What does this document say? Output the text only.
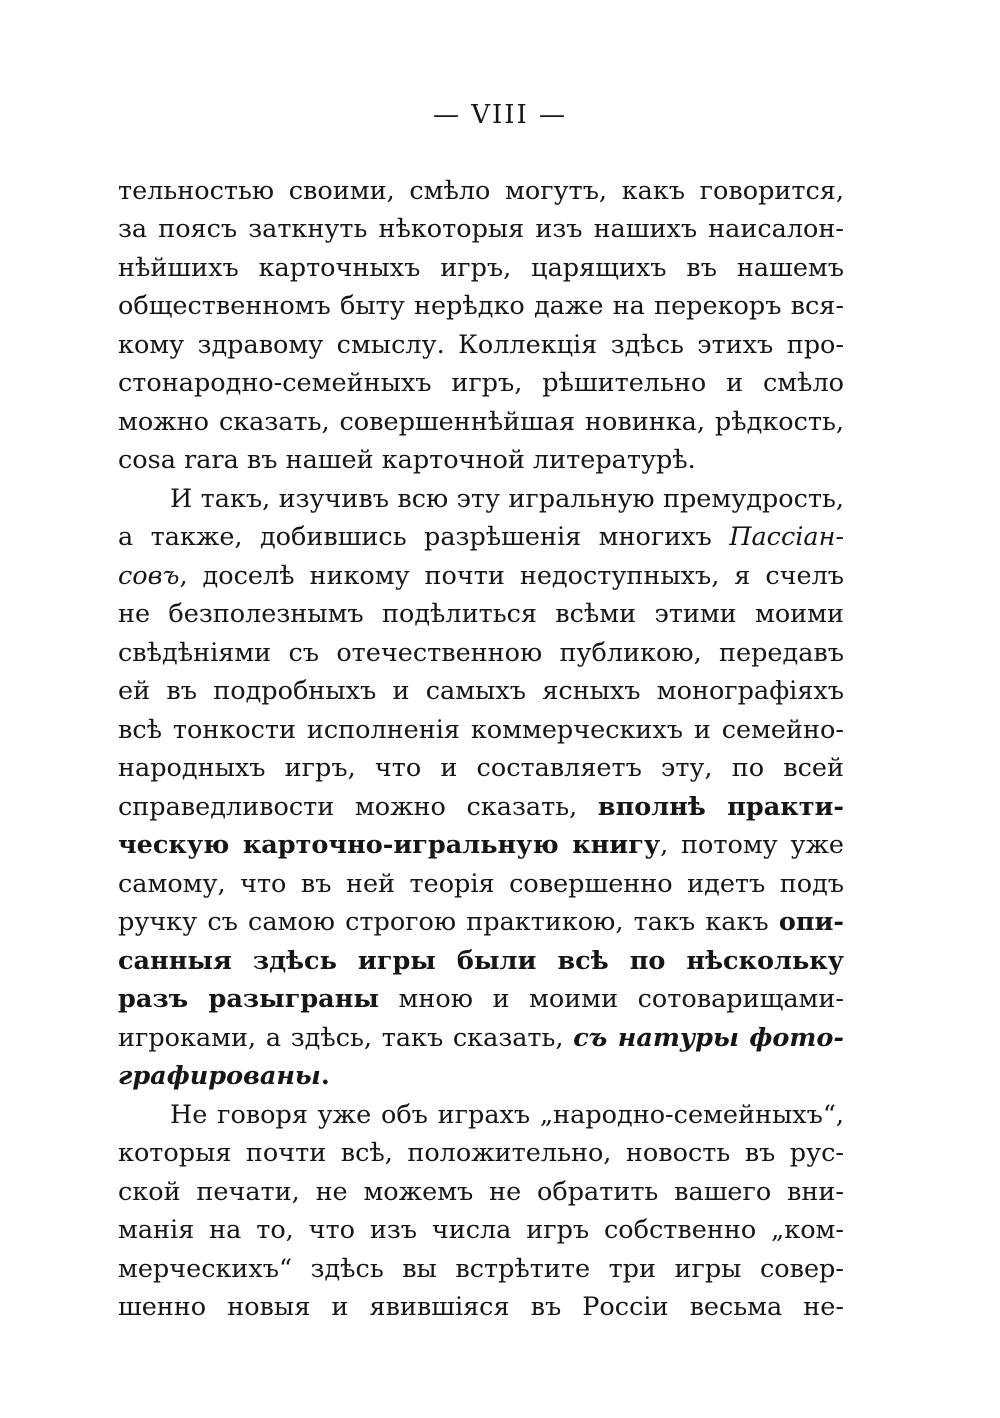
— VIII —
тельностью своими, смѣло могутъ, какъ говорится,
за поясъ заткнуть нѣкоторыя изъ нашихъ наисалон-
нѣйшихъ карточныхъ игръ, царящихъ въ нашемъ
общественномъ быту нерѣдко даже на перекоръ вся-
кому здравому смыслу. Коллекція здѣсь этихъ про-
стонародно-семейныхъ игръ, рѣшительно и смѣло
можно сказать, совершеннѣйшая новинка, рѣдкость,
cosa rara въ нашей карточной литературѣ.
И такъ, изучивъ всю эту игральную премудрость,
а также, добившись разрѣшенія многихъ Пассіан-
совъ, доселѣ никому почти недоступныхъ, я счелъ
не безполезнымъ подѣлиться всѣми этими моими
свѣдѣніями съ отечественною публикою, передавъ
ей въ подробныхъ и самыхъ ясныхъ монографіяхъ
всѣ тонкости исполненія коммерческихъ и семейно-
народныхъ игръ, что и составляетъ эту, по всей
справедливости можно сказать, вполнѣ практи-
ческую карточно-игральную книгу, потому уже
самому, что въ ней теорія совершенно идетъ подъ
ручку съ самою строгою практикою, такъ какъ опи-
санныя здѣсь игры были всѣ по нѣскольку
разъ разыграны мною и моими сотоварищами-
игроками, а здѣсь, такъ сказать, съ натуры фото-
графированы.
Не говоря уже объ играхъ „народно-семейныхъ“,
которыя почти всѣ, положительно, новость въ рус-
ской печати, не можемъ не обратить вашего вни-
манія на то, что изъ числа игръ собственно „ком-
мерческихъ“ здѣсь вы встрѣтите три игры совер-
шенно новыя и явившіяся въ Россіи весьма не-
